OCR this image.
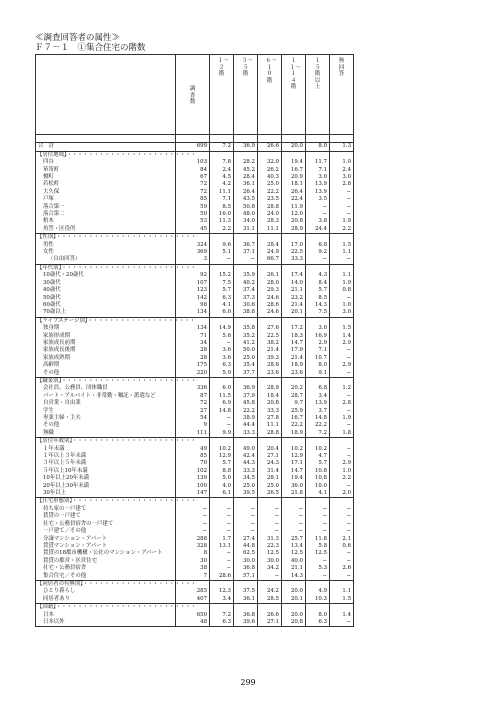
≪調査回答者の属性≫
Ｆ７－１　①集合住宅の階数

	調査数	１〜２階	３〜５階	６〜１０階	１１〜１４階	１５階以上	無回答

合　計	699	7.2	36.9	26.6	20.0	8.0	1.3
【居住地域】・・・・・・・・・・・・・・・・・・・・・・・・							
四谷	103	7.8	28.2	32.0	19.4	11.7	1.0
箪笥町	84	2.4	45.2	26.2	16.7	7.1	2.4
榎町	67	4.5	28.4	40.3	20.9	3.0	3.0
若松町	72	4.2	36.1	25.0	18.1	13.9	2.8
大久保	72	11.1	26.4	22.2	26.4	13.9	−
戸塚	85	7.1	43.5	23.5	22.4	3.5	−
落合第一	59	8.5	50.8	28.8	11.9	−	−
落合第二	50	16.0	48.0	24.0	12.0	−	−
柏木	53	11.3	34.0	28.3	20.8	3.8	1.9
角筈・区役所	45	2.2	31.1	11.1	28.9	24.4	2.2
【性別】・・・・・・・・・・・・・・・・・・・・・・・・・・							
男性	324	9.6	36.7	28.4	17.0	6.8	1.5
女性	369	5.1	37.1	24.9	22.5	9.2	1.1
（自由回答）	3	−	−	66.7	33.3	−	−
【年代別】・・・・・・・・・・・・・・・・・・・・・・・・・							
10歳代・20歳代	92	15.2	35.9	26.1	17.4	4.3	1.1
30歳代	107	7.5	40.2	28.0	14.0	8.4	1.9
40歳代	123	5.7	37.4	29.3	21.1	5.7	0.8
50歳代	142	6.3	37.3	24.6	23.2	8.5	−
60歳代	98	4.1	30.6	28.6	21.4	14.3	1.0
70歳以上	134	6.0	38.8	24.6	20.1	7.5	3.0
【ライフステージ別】・・・・・・・・・・・・・・・・・・・・							
独身期	134	14.9	35.8	27.6	17.2	3.0	1.5
家族形成期	71	5.6	35.2	22.5	18.3	16.9	1.4
家族成長前期	34	−	41.2	38.2	14.7	2.9	2.9
家族成長後期	28	3.6	50.0	21.4	17.9	7.1	−
家族成熟期	28	3.6	25.0	39.3	21.4	10.7	−
高齢期	175	6.3	35.4	28.6	18.9	8.0	2.9
その他	220	5.9	37.7	23.6	23.6	9.1	−
【職業別】・・・・・・・・・・・・・・・・・・・・・・・・・							
会社員、公務員、団体職員	336	6.0	36.9	28.9	20.2	6.8	1.2
パート・アルバイト・非常勤・嘱託・派遣など	87	11.5	37.9	18.4	28.7	3.4	−
自営業・自由業	72	6.9	45.8	20.8	9.7	13.9	2.8
学生	27	14.8	22.2	33.3	25.9	3.7	−
専業主婦・主夫	54	−	38.9	27.8	16.7	14.8	1.9
その他	9	−	44.4	11.1	22.2	22.2	−
無職	111	9.9	33.3	28.8	18.9	7.2	1.8
【居住年数別】・・・・・・・・・・・・・・・・・・・・・・・							
１年未満	49	10.2	49.0	20.4	10.2	10.2	−
１年以上３年未満	85	12.9	42.4	27.1	12.9	4.7	−
３年以上５年未満	70	5.7	44.3	24.3	17.1	5.7	2.9
５年以上10年未満	102	8.8	33.3	31.4	14.7	10.8	1.0
10年以上20年未満	139	5.0	34.5	28.1	19.4	10.8	2.2
20年以上30年未満	100	4.0	25.0	25.0	36.0	10.0	−
30年以上	147	6.1	39.5	26.5	21.8	4.1	2.0
【住宅形態別】・・・・・・・・・・・・・・・・・・・・・・・							
持ち家の一戸建て	−	−	−	−	−	−	−
賃貸の一戸建て	−	−	−	−	−	−	−
社宅・公務員宿舎の一戸建て	−	−	−	−	−	−	−
一戸建て／その他	−	−	−	−	−	−	−
分譲マンション・アパート	288	1.7	27.4	31.3	25.7	11.8	2.1
賃貸マンション・アパート	328	13.1	44.8	22.3	13.4	5.8	0.6
賃貸の18都市機構・公社のマンション・アパート	8	−	62.5	12.5	12.5	12.5	−
賃貸の都営・区営住宅	30	−	30.0	30.0	40.0	−	−
社宅・公務員宿舎	38	−	36.8	34.2	21.1	5.3	2.6
集合住宅／その他	7	28.6	57.1	−	14.3	−	−
【同居者の有無別】・・・・・・・・・・・・・・・・・・・・・							
ひとり暮らし	285	12.3	37.5	24.2	20.0	4.9	1.1
同居者あり	407	3.4	36.1	28.5	20.1	10.3	1.5
【国籍】・・・・・・・・・・・・・・・・・・・・・・・・・・							
日本	650	7.2	36.8	26.6	20.0	8.0	1.4
日本以外	48	6.3	39.6	27.1	20.8	6.3	−
299
